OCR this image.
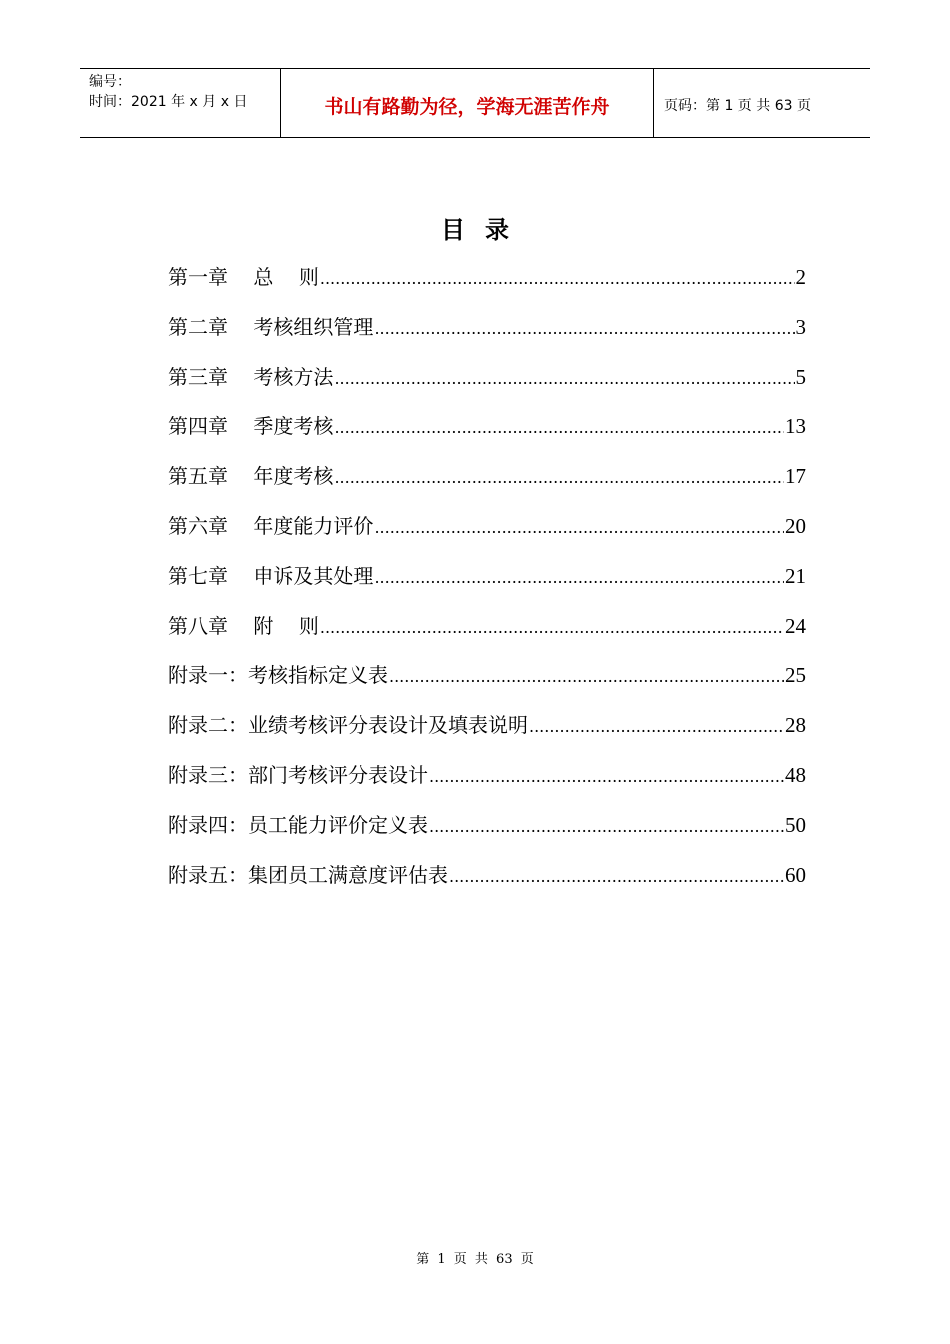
编号：
时间：2021 年 x 月 x 日	书山有路勤为径，学海无涯苦作舟	页码：第 1 页 共 63 页
目录
第一章    总    则 .....	2
第二章    考核组织管理 .....	3
第三章    考核方法 .....	5
第四章    季度考核 .....	13
第五章    年度考核 .....	17
第六章    年度能力评价 .....	20
第七章    申诉及其处理 .....	21
第八章    附    则 .....	24
附录一：考核指标定义表 .....	25
附录二：业绩考核评分表设计及填表说明 .....	28
附录三：部门考核评分表设计 .....	48
附录四：员工能力评价定义表 .....	50
附录五：集团员工满意度评估表 .....	60
第 1 页 共 63 页
